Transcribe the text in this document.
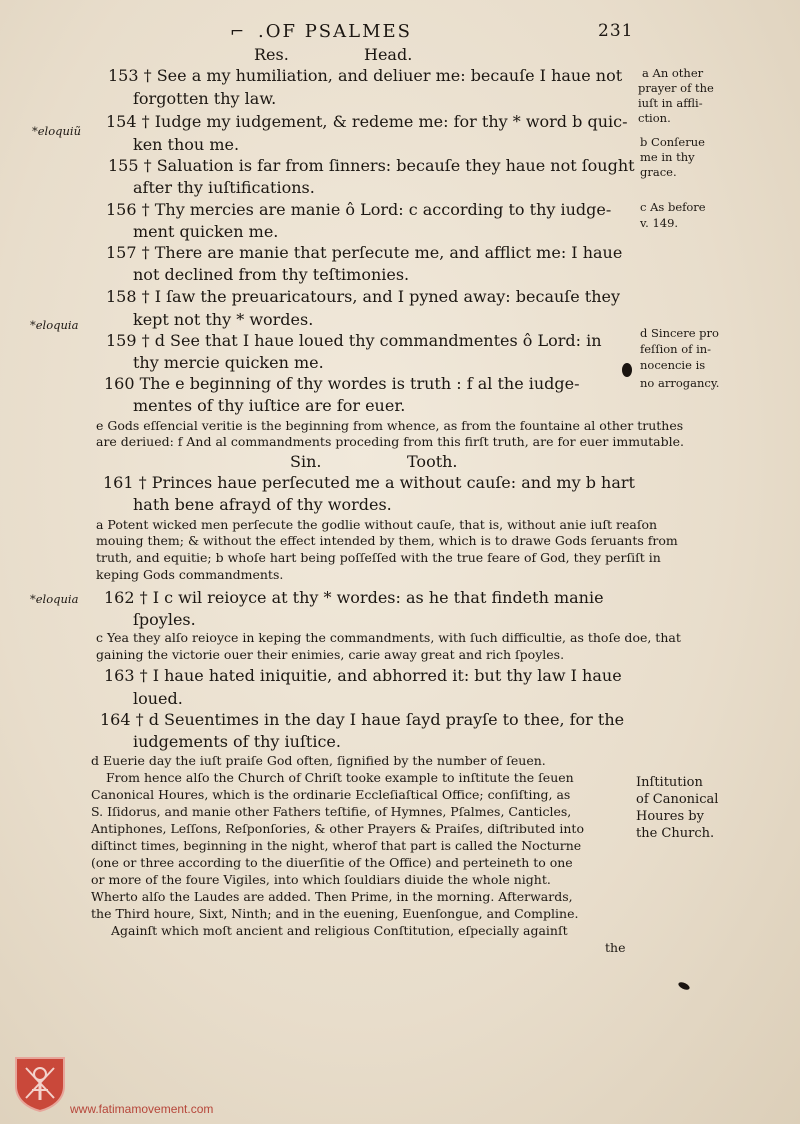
⌐ .OF PSALMES	231
Res.	Head.
153 † See a my humiliation, and deliuer me: becauſe I haue not
forgotten thy law.
154 † Iudge my iudgement, & redeme me: for thy * word b quic-
ken thou me.
155 † Saluation is far from ſinners: becauſe they haue not ſought
after thy iuſtifications.
156 † Thy mercies are manie ô Lord: c according to thy iudge-
ment quicken me.
157 † There are manie that perſecute me, and afflict me: I haue
not declined from thy teſtimonies.
158 † I ſaw the preuaricatours, and I pyned away: becauſe they
kept not thy * wordes.
159 † d See that I haue loued thy commandmentes ô Lord: in
thy mercie quicken me.
160 The e beginning of thy wordes is truth : f al the iudge-
mentes of thy iuſtice are for euer.
e Gods eſſencial veritie is the beginning from whence, as from the fountaine al other truthes
are deriued: f And al commandments proceding from this firſt truth, are for euer immutable.
Sin.	Tooth.
161 † Princes haue perſecuted me a without cauſe: and my b hart
hath bene afrayd of thy wordes.
a Potent wicked men perſecute the godlie without cauſe, that is, without anie iuſt reaſon
mouing them; & without the effect intended by them, which is to drawe Gods ſeruants from
truth, and equitie; b whoſe hart being poſſeſſed with the true feare of God, they perſiſt in
keping Gods commandments.
162 † I c wil reioyce at thy * wordes: as he that findeth manie
ſpoyles.
c Yea they alſo reioyce in keping the commandments, with ſuch difficultie, as thoſe doe, that
gaining the victorie ouer their enimies, carie away great and rich ſpoyles.
163 † I haue hated iniquitie, and abhorred it: but thy law I haue
loued.
164 † d Seuentimes in the day I haue ſayd prayſe to thee, for the
iudgements of thy iuſtice.
d Euerie day the iuſt praiſe God often, ſignified by the number of ſeuen.
From hence alſo the Church of Chriſt tooke example to inſtitute the ſeuen
Canonical Houres, which is the ordinarie Eccleſiaſtical Office; conſiſting, as
S. Iſidorus, and manie other Fathers teſtifie, of Hymnes, Pſalmes, Canticles,
Antiphones, Leſſons, Reſponſories, & other Prayers & Praiſes, diſtributed into
diſtinct times, beginning in the night, wherof that part is called the Nocturne
(one or three according to the diuerſitie of the Office) and perteineth to one
or more of the foure Vigiles, into which ſouldiars diuide the whole night.
Wherto alſo the Laudes are added. Then Prime, in the morning. Afterwards,
the Third houre, Sixt, Ninth; and in the euening, Euenſongue, and Compline.
Againſt which moſt ancient and religious Conſtitution, eſpecially againſt
the
*eloquiũ
*eloquia
*eloquia
a An other
prayer of the
iuſt in affli-
ction.
b Conſerue
me in thy
grace.
c As before
v. 149.
d Sincere pro
feſſion of in-
nocencie is
no arrogancy.
Inſtitution
of Canonical
Houres by
the Church.
www.fatimamovement.com
